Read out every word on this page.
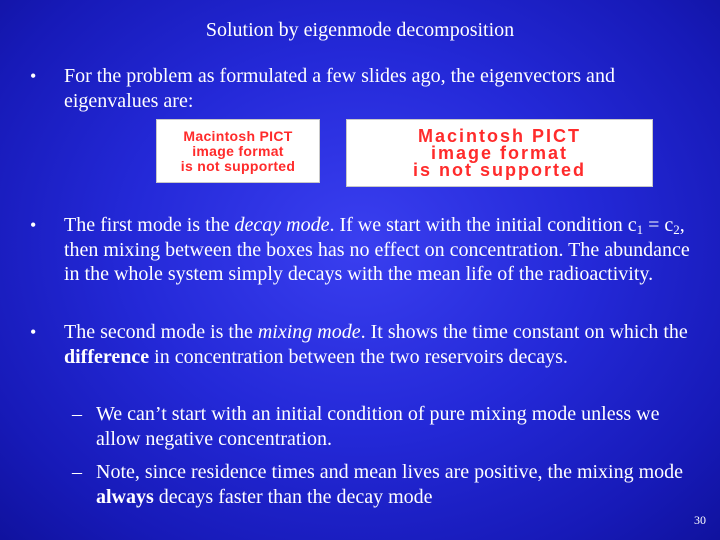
Solution by eigenmode decomposition
• For the problem as formulated a few slides ago, the eigenvectors and eigenvalues are:
Macintosh PICT
image format
is not supported
Macintosh PICT
image format
is not supported
• The first mode is the decay mode. If we start with the initial condition $c_1 = c_2$, then mixing between the boxes has no effect on concentration. The abundance in the whole system simply decays with the mean life of the radioactivity.
• The second mode is the mixing mode. It shows the time constant on which the difference in concentration between the two reservoirs decays.
– We can’t start with an initial condition of pure mixing mode unless we allow negative concentration.
– Note, since residence times and mean lives are positive, the mixing mode always decays faster than the decay mode
30
